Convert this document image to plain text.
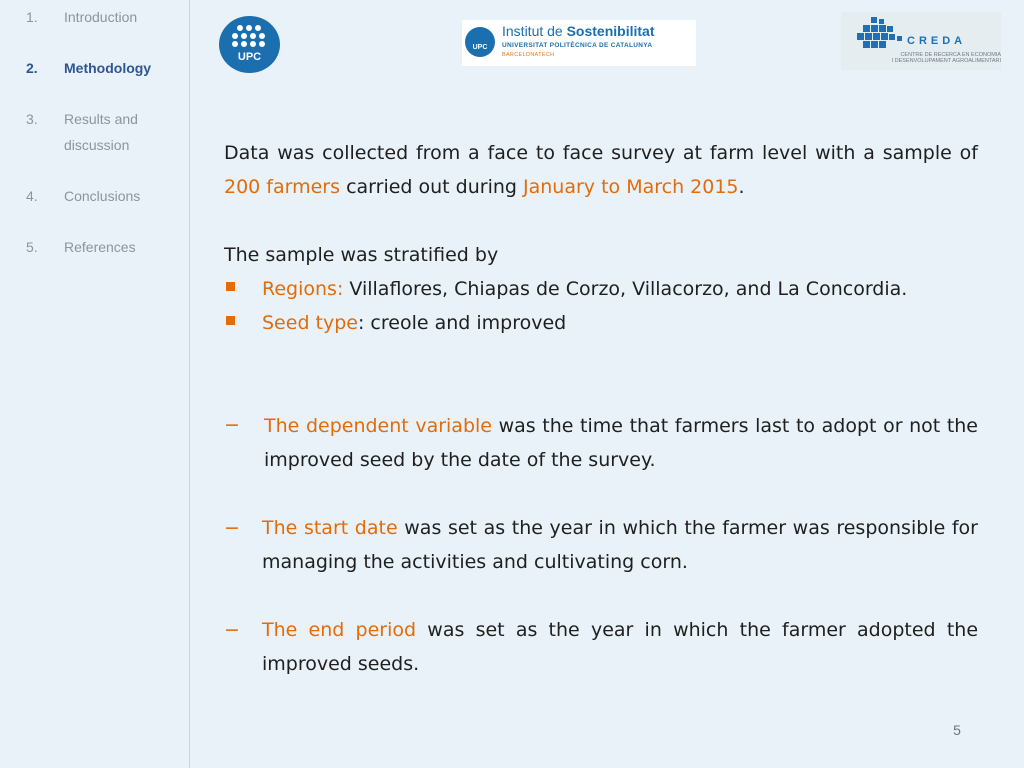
1. Introduction
2. Methodology
3. Results and discussion
4. Conclusions
5. References
UPC
UPC
Institut de Sostenibilitat
UNIVERSITAT POLITÈCNICA DE CATALUNYA
BARCELONATECH
CREDA
CENTRE DE RECERCA EN ECONOMIA
I DESENVOLUPAMENT AGROALIMENTARI

Data was collected from a face to face survey at farm level with a sample of 200 farmers carried out during January to March 2015.

The sample was stratified by

Regions: Villaflores, Chiapas de Corzo, Villacorzo, and La Concordia.

Seed type: creole and improved

− The dependent variable was the time that farmers last to adopt or not the improved seed by the date of the survey.

− The start date was set as the year in which the farmer was responsible for managing the activities and cultivating corn.

− The end period was set as the year in which the farmer adopted the improved seeds.

5
